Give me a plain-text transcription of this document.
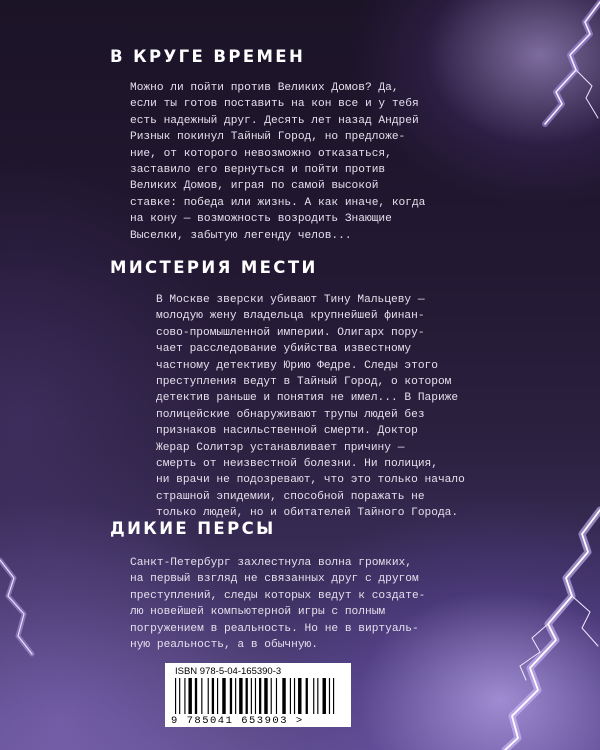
В КРУГЕ ВРЕМЕН
Можно ли пойти против Великих Домов? Да,
если ты готов поставить на кон все и у тебя
есть надежный друг. Десять лет назад Андрей
Ризнык покинул Тайный Город, но предложе-
ние, от которого невозможно отказаться,
заставило его вернуться и пойти против
Великих Домов, играя по самой высокой
ставке: победа или жизнь. А как иначе, когда
на кону — возможность возродить Знающие
Выселки, забытую легенду челов...
МИСТЕРИЯ МЕСТИ
В Москве зверски убивают Тину Мальцеву —
молодую жену владельца крупнейшей финан-
сово-промышленной империи. Олигарх пору-
чает расследование убийства известному
частному детективу Юрию Федре. Следы этого
преступления ведут в Тайный Город, о котором
детектив раньше и понятия не имел... В Париже
полицейские обнаруживают трупы людей без
признаков насильственной смерти. Доктор
Жерар Солитэр устанавливает причину —
смерть от неизвестной болезни. Ни полиция,
ни врачи не подозревают, что это только начало
страшной эпидемии, способной поражать не
только людей, но и обитателей Тайного Города.
ДИКИЕ ПЕРСЫ
Санкт-Петербург захлестнула волна громких,
на первый взгляд не связанных друг с другом
преступлений, следы которых ведут к создате-
лю новейшей компьютерной игры с полным
погружением в реальность. Но не в виртуаль-
ную реальность, а в обычную.

ISBN 978-5-04-165390-3

9 785041 653903 >
